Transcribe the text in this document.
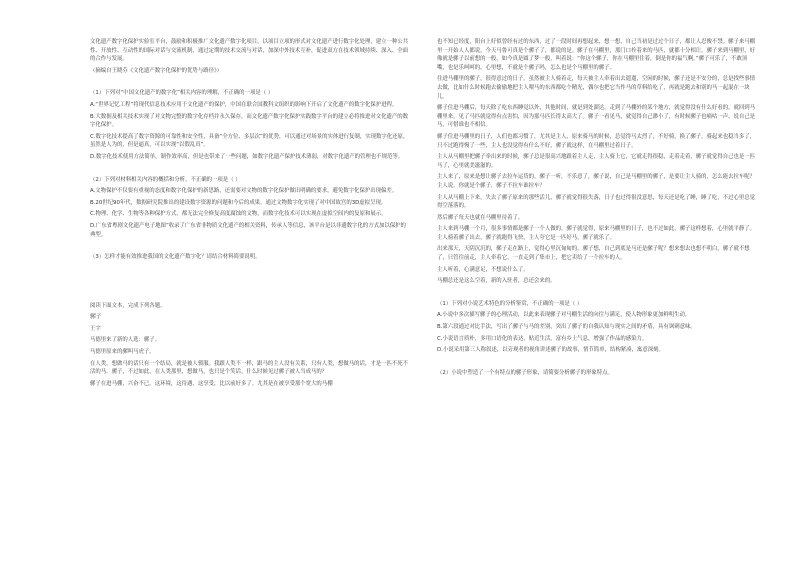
文化遗产数字化保护实验室平台，鼓励和积极推广文化遗产数字化项目，以项目立项的形式对文化遗产进行数字化处理，建立一种公共性、开放性、互动性的国际对话与交流机制，通过定期的技术交流与对话，加深中外技术互补，促进双方在技术领域持续、深入、全面的合作与发展。

（摘编自王晓芬《文化遗产数字化保护的优势与路径》）

（1）下列对“中国文化遗产的数字化”相关内容的理解，不正确的一项是（ ）

A.“世界记忆工程”将现代信息技术应用于文化遗产的保护，中国在联合国教科文组织的影响下开启了文化遗产的数字化保护进程。

B.大数据及相关技术实现了对文物完整的数字化存档并永久保存，而文化遗产数字化保护实践数字平台的建立必将推进对文化遗产的数字化保护。

C.数字化技术提高了数字资源的可靠性和安全性，具备“全方位、多层次”的优势，可以通过对场景的实体进行复制，实现数字化还原，虽然是人为的，但是逼真，可以实现“以假乱真”。

D.数字化技术使用方法简单，制作效率高，但是也带来了一些问题，如数字化遗产保护技术薄弱，对数字化遗产的管理也不规范等。

（2）下列对材料相关内容的概括和分析，不正确的一项是（ ）

A.文物保护不仅要有重视的态度和数字化保护的新思路，还需要对文物的数字化保护做出明确的要求，避免数字化保护出现偏差。

B.20世纪90年代，数据研究院推出的建设数字资源的问题和今后的成果，通过文物数字化实现了对中国故宫的3D虚拟呈现。

C.物理、化学、生物等各种保护方式，都无法完全修复高度腐蚀的文物，而数字化技术可以实现在虚拟空间内的复原和展示。

D.广东省粤剧文化遗产电子地图”收录了广东省非物质文化遗产的相关资料，传承人等信息，该平台是以非遗数字化的方式加以保护的典型。

（3）怎样才能有效推进我国的文化遗产数字化？请结合材料简要说明。

阅读下面文本，完成下列各题。

骡子

王宇

马德里来了新的人选：骡子。

马德里原来的骡叫马虎子。

在人类，想做马的话只有一个结局，就是被人驯服。我跟人类不一样，跟马的主人没有关系，只有人类，想做马的话，才是一匹不死不活的马。骡子，不过如此，在人类那里，想做马，也只是个笑话。什么时候见过骡子被人当成马的？

骡子在进马棚，兴奋不已。这环境，这待遇，这享受，比以前好多了。尤其是在被享受那个宽大的马棚

也不知已经度，阳台上好似曾经有过的东西，过了一段时间再想起来，想一想，自己当初是过过个日子，都让人忍俊不禁。骡子来马棚里一开始人人都说，今天马鲁可真是个骡子了，都说的是。骡子在马棚里，那门口拴着来的马匹，就都十分相让。骡子来到马棚里，好像就是骡子以前想的一般，如今真是圆了梦一般，叫着说：“你这个骡子，你在马棚里住着，倒是你的福气啊。”骡子可乐了，不敢顶嘴，也是乐呵呵的，心里想，不就是个骡子吗，怎么也是个马棚里的骡子。

住进马棚里的骡子，很得意过的日子。虽然被主人骑着走，每天被主人牵着出去遛遛，空闲的时候，骡子还是不安分的，总是找些事情去做，比如什么时候跑去偷偷地把主人喂马的东西都吃个精光，偶尔也把它当作马的草料给吃了，再就是跑去和别的马一起混在一块儿。

骡子住进马棚后，每天除了吃东西睡觉以外，其他时间，就是到处溜达，走到了马棚外的某个地方，就觉得没有什么好看的，就回到马棚里来，见了马匹就觉得有点害怕，因为那马匹长得太高大了。骡子一看见马，就觉得自己渺小了，有时候骡子也嘀咕一声，说自己是马，可惜谁也不相信。

骡子住进马棚里的日子，人们也都习惯了，尤其是主人，原来骑马的时候，总觉得马太烈了，不好骑，换了骡子，骑起来也稳当多了，只不过跑得慢了一些，主人也没觉得有什么不好，骡子就这样，在马棚里过着日子。

主人从马棚里把骡子牵出来的时候，骡子总是很高兴地跟着主人走，主人骑上它，它就走得很稳，走着走着，骡子就觉得自己也是一匹马了，心里就美滋滋的。

主人来了，原来是想让骡子去拉车运货的。骡子一听，不乐意了，骡子说，自己是马棚里的骡子，是要让主人骑的，怎么能去拉车呢？主人说，你就是个骡子，骡子不拉车谁拉车？

主人从马棚上下来，失去了骡子原来的那些活儿，骡子就觉得很失落，日子也过得很没意思，每天还是吃了睡，睡了吃，不过心里总觉得空落落的。

然后骡子每天也就在马棚里待着了。

主人来到马棚一个月，很多事情都是骡子一个人做的。骡子就觉得，原来马棚里的日子，也不过如此，骡子这样想着，心里就平静了。主人骑着骡子出去，骡子就跑得飞快，主人夸它是一匹好马，骡子就乐了。

出来那天，天阴沉沉的，骡子走在路上，觉得心里沉甸甸的，骡子想，自己到底是马还是骡子呢？想来想去也想不明白，骡子就不想了，只管往前走，主人牵着它，一直走到了集市上，把它卖给了一个拉车的人。

主人听着，心满意足，不想说什么了。

马棚总还是这么空着，新的入驻者，总还会来的。

（1）下列对小说艺术特色的分析鉴赏，不正确的一项是（ ）

A.小说中多次描写骡子的心理活动，以此来表现骡子对马棚生活的向往与满足，使人物形象更加鲜明生动。

B.第六段通过对比手法，写出了骡子与马的差别，突出了骡子的自我认知与现实之间的矛盾，具有讽刺意味。

C.小说语言质朴，多用口语化的表达，贴近生活，富有乡土气息，增强了作品的感染力。

D.小说采用第三人称叙述，以旁观者的视角讲述骡子的故事，情节简单，结构紧凑，寓意深刻。

（2）小说中塑造了一个有特点的骡子形象，请简要分析骡子的形象特点。
